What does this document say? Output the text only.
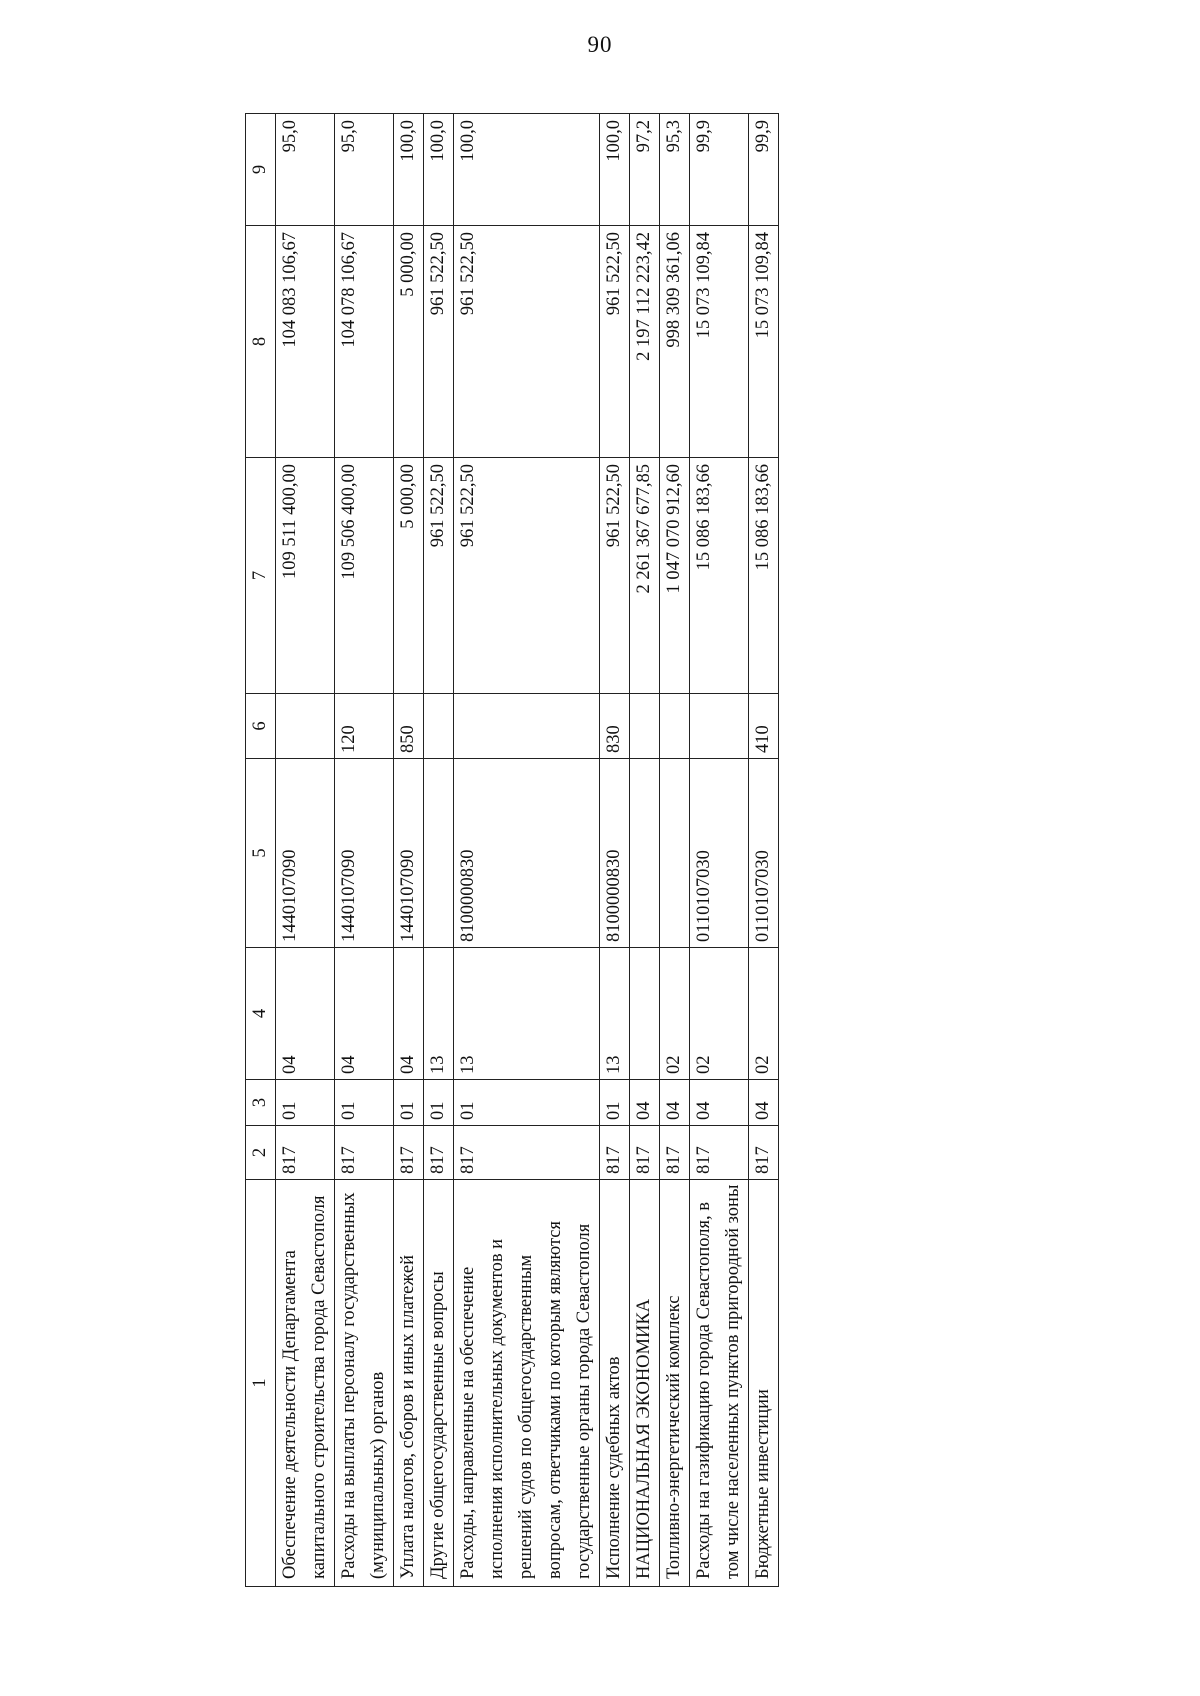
90
1	2	3	4	5	6	7	8	9
Обеспечение деятельности Департамента капитального строительства города Севастополя	817	01	04	1440107090		109 511 400,00	104 083 106,67	95,0
Расходы на выплаты персоналу государственных (муниципальных) органов	817	01	04	1440107090	120	109 506 400,00	104 078 106,67	95,0
Уплата налогов, сборов и иных платежей	817	01	04	1440107090	850	5 000,00	5 000,00	100,0
Другие общегосударственные вопросы	817	01	13			961 522,50	961 522,50	100,0
Расходы, направленные на обеспечение исполнения исполнительных документов и решений судов по общегосударственным вопросам, ответчиками по которым являются государственные органы города Севастополя	817	01	13	8100000830		961 522,50	961 522,50	100,0
Исполнение судебных актов	817	01	13	8100000830	830	961 522,50	961 522,50	100,0
НАЦИОНАЛЬНАЯ ЭКОНОМИКА	817	04				2 261 367 677,85	2 197 112 223,42	97,2
Топливно-энергетический комплекс	817	04	02			1 047 070 912,60	998 309 361,06	95,3
Расходы на газификацию города Севастополя, в том числе населенных пунктов пригородной зоны	817	04	02	0110107030		15 086 183,66	15 073 109,84	99,9
Бюджетные инвестиции	817	04	02	0110107030	410	15 086 183,66	15 073 109,84	99,9
